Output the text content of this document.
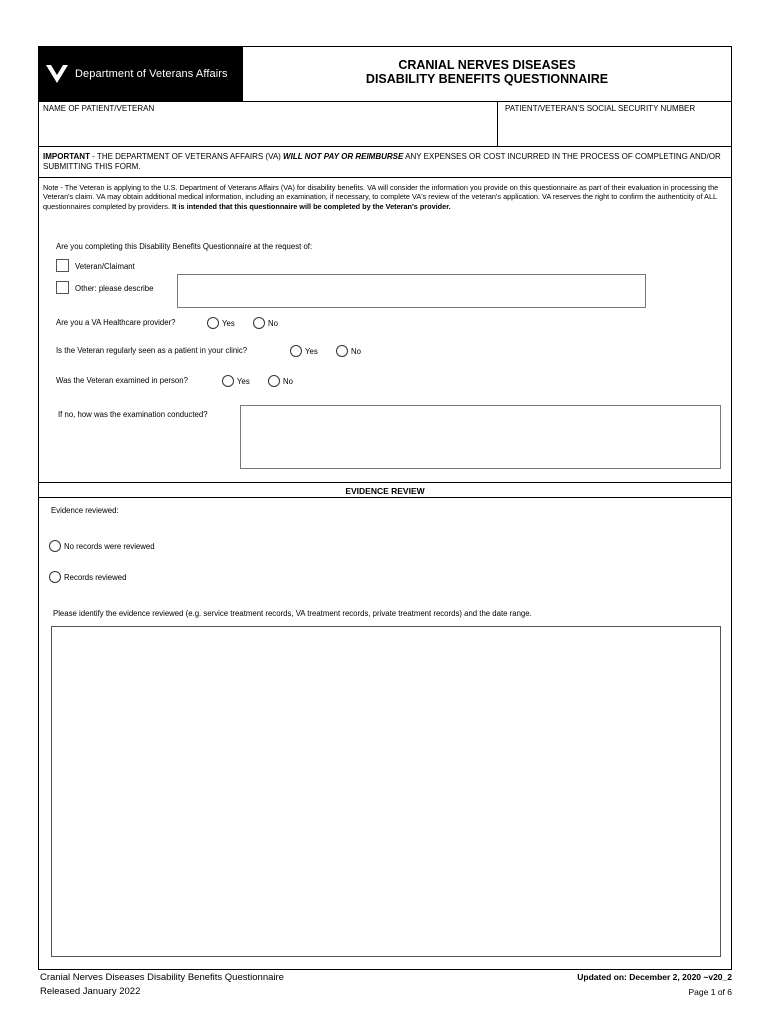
Department of Veterans Affairs
CRANIAL NERVES DISEASES
DISABILITY BENEFITS QUESTIONNAIRE
NAME OF PATIENT/VETERAN	PATIENT/VETERAN'S SOCIAL SECURITY NUMBER
IMPORTANT - THE DEPARTMENT OF VETERANS AFFAIRS (VA) WILL NOT PAY OR REIMBURSE ANY EXPENSES OR COST INCURRED IN THE PROCESS OF COMPLETING AND/OR SUBMITTING THIS FORM.
Note - The Veteran is applying to the U.S. Department of Veterans Affairs (VA) for disability benefits. VA will consider the information you provide on this questionnaire as part of their evaluation in processing the Veteran's claim. VA may obtain additional medical information, including an examination, if necessary, to complete VA's review of the veteran's application. VA reserves the right to confirm the authenticity of ALL questionnaires completed by providers. It is intended that this questionnaire will be completed by the Veteran's provider.
Are you completing this Disability Benefits Questionnaire at the request of:
Veteran/Claimant
Other: please describe
Are you a VA Healthcare provider?	Yes	No
Is the Veteran regularly seen as a patient in your clinic?	Yes	No
Was the Veteran examined in person?	Yes	No
If no, how was the examination conducted?
EVIDENCE REVIEW
Evidence reviewed:
No records were reviewed
Records reviewed
Please identify the evidence reviewed (e.g. service treatment records, VA treatment records, private treatment records) and the date range.
Cranial Nerves Diseases Disability Benefits Questionnaire
Released January 2022
Updated on: December 2, 2020 ~v20_2
Page 1 of 6
